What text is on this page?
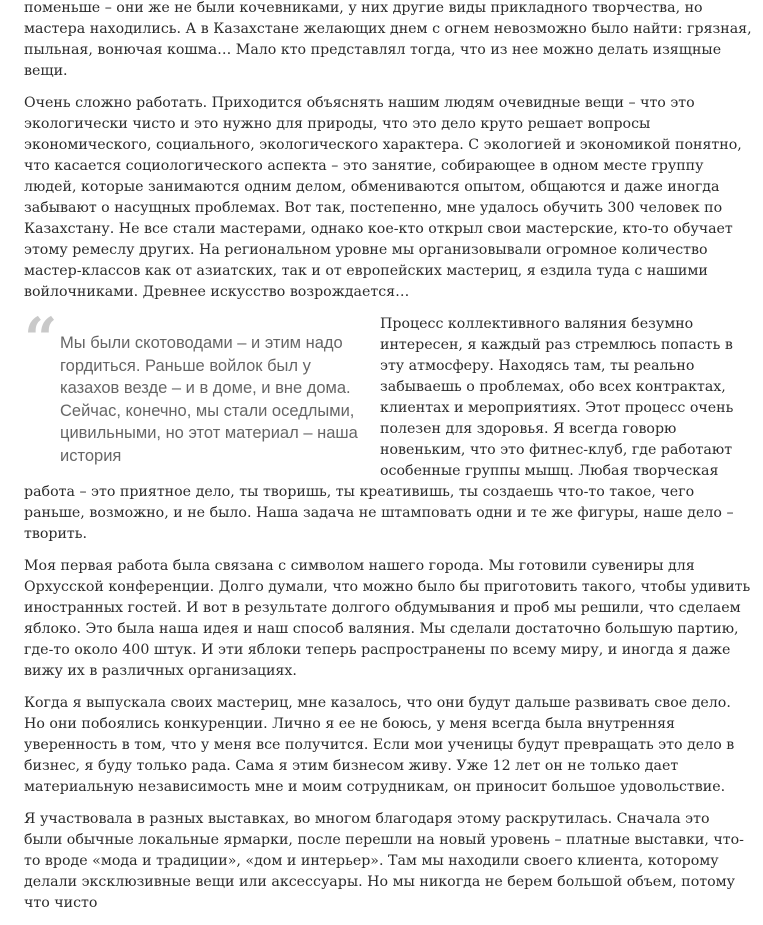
поменьше – они же не были кочевниками, у них другие виды прикладного творчества, но мастера находились. А в Казахстане желающих днем с огнем невозможно было найти: грязная, пыльная, вонючая кошма… Мало кто представлял тогда, что из нее можно делать изящные вещи.

Очень сложно работать. Приходится объяснять нашим людям очевидные вещи – что это экологически чисто и это нужно для природы, что это дело круто решает вопросы экономического, социального, экологического характера. С экологией и экономикой понятно, что касается социологического аспекта – это занятие, собирающее в одном месте группу людей, которые занимаются одним делом, обмениваются опытом, общаются и даже иногда забывают о насущных проблемах. Вот так, постепенно, мне удалось обучить 300 человек по Казахстану. Не все стали мастерами, однако кое-кто открыл свои мастерские, кто-то обучает этому ремеслу других. На региональном уровне мы организовывали огромное количество мастер-классов как от азиатских, так и от европейских мастериц, я ездила туда с нашими войлочниками. Древнее искусство возрождается…

“ Мы были скотоводами – и этим надо гордиться. Раньше войлок был у казахов везде – и в доме, и вне дома. Сейчас, конечно, мы стали оседлыми, цивильными, но этот материал – наша история

Процесс коллективного валяния безумно интересен, я каждый раз стремлюсь попасть в эту атмосферу. Находясь там, ты реально забываешь о проблемах, обо всех контрактах, клиентах и мероприятиях. Этот процесс очень полезен для здоровья. Я всегда говорю новеньким, что это фитнес-клуб, где работают особенные группы мышц. Любая творческая работа – это приятное дело, ты творишь, ты креативишь, ты создаешь что-то такое, чего раньше, возможно, и не было. Наша задача не штамповать одни и те же фигуры, наше дело – творить.

Моя первая работа была связана с символом нашего города. Мы готовили сувениры для Орхусской конференции. Долго думали, что можно было бы приготовить такого, чтобы удивить иностранных гостей. И вот в результате долгого обдумывания и проб мы решили, что сделаем яблоко. Это была наша идея и наш способ валяния. Мы сделали достаточно большую партию, где-то около 400 штук. И эти яблоки теперь распространены по всему миру, и иногда я даже вижу их в различных организациях.

Когда я выпускала своих мастериц, мне казалось, что они будут дальше развивать свое дело. Но они побоялись конкуренции. Лично я ее не боюсь, у меня всегда была внутренняя уверенность в том, что у меня все получится. Если мои ученицы будут превращать это дело в бизнес, я буду только рада. Сама я этим бизнесом живу. Уже 12 лет он не только дает материальную независимость мне и моим сотрудникам, он приносит большое удовольствие.

Я участвовала в разных выставках, во многом благодаря этому раскрутилась. Сначала это были обычные локальные ярмарки, после перешли на новый уровень – платные выставки, что-то вроде «мода и традиции», «дом и интерьер». Там мы находили своего клиента, которому делали эксклюзивные вещи или аксессуары. Но мы никогда не берем большой объем, потому что чисто
